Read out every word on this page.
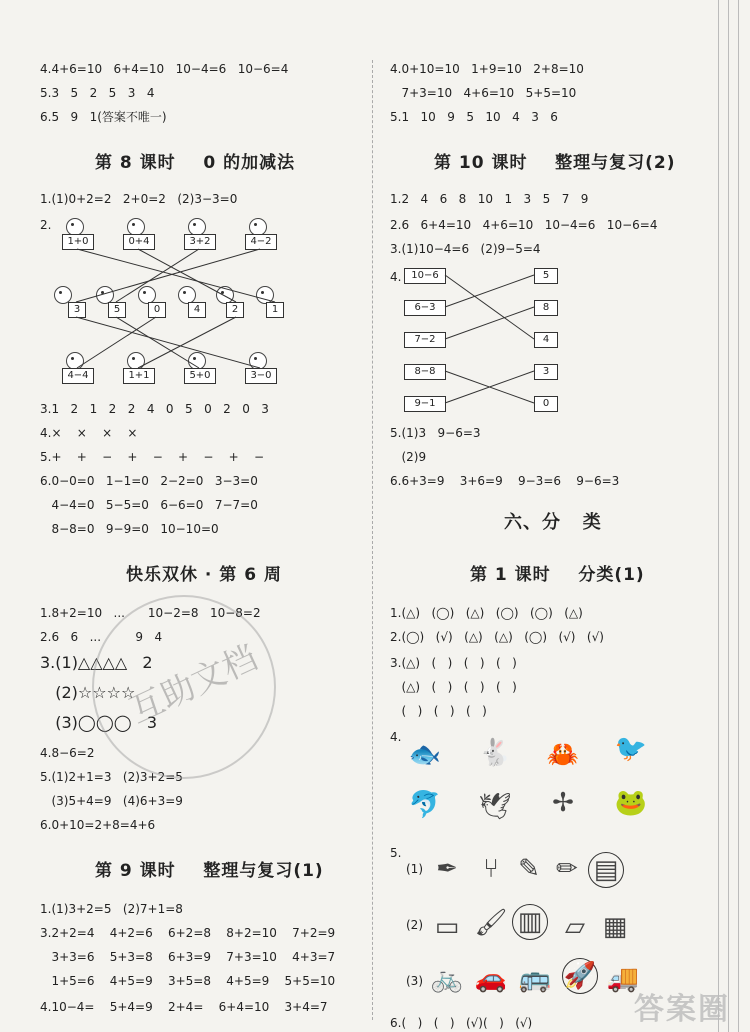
4.4+6=10   6+4=10   10−4=6   10−6=4
5.3   5   2   5   3   4
6.5   9   1(答案不唯一)
第 8 课时    0 的加减法
1.(1)0+2=2   2+0=2   (2)3−3=0
2.
1+0	0+4	3+2	4−2
3	5	0	4	2	1
4−4	1+1	5+0	3−0
3.1   2   1   2   2   4   0   5   0   2   0   3
4.×    ×    ×    ×
5.+    +    −    +    −    +    −    +    −
6.0−0=0   1−1=0   2−2=0   3−3=0
4−4=0   5−5=0   6−6=0   7−7=0
8−8=0   9−9=0   10−10=0
快乐双休 · 第 6 周
1.8+2=10   ...      10−2=8   10−8=2
2.6   6   ...         9   4
3.(1)△△△△   2
(2)☆☆☆☆
(3)◯◯◯   3
4.8−6=2
5.(1)2+1=3   (2)3+2=5
(3)5+4=9   (4)6+3=9
6.0+10=2+8=4+6
第 9 课时    整理与复习(1)
1.(1)3+2=5   (2)7+1=8
3.2+2=4    4+2=6    6+2=8    8+2=10    7+2=9
3+3=6    5+3=8    6+3=9    7+3=10    4+3=7
1+5=6    4+5=9    3+5=8    4+5=9    5+5=10
4.10−4=    5+4=9    2+4=    6+4=10    3+4=7
互助文档
4.0+10=10   1+9=10   2+8=10
7+3=10   4+6=10   5+5=10
5.1   10   9   5   10   4   3   6
第 10 课时    整理与复习(2)
1.2   4   6   8   10   1   3   5   7   9
2.6   6+4=10   4+6=10   10−4=6   10−6=4
3.(1)10−4=6   (2)9−5=4
4. 10−6
6−3
7−2
8−8
9−1
5
8
4
3
0
5.(1)3   9−6=3
(2)9
6.6+3=9    3+6=9    9−3=6    9−6=3
六、分   类
第 1 课时    分类(1)
1.(△)   (◯)   (△)   (◯)   (◯)   (△)
2.(◯)   (√)   (△)   (△)   (◯)   (√)   (√)
3.(△)   (   )   (   )   (   )
(△)   (   )   (   )   (   )
(   )   (   )   (   )
4.
🐟 🐇 🦀 🐦
🐬 🕊 ✢ 🐸
5.
(1) ✒ ⑂ ✎ ✏ ▤
(2) ▭ 🖌 ▥ ▱ ▦
(3) 🚲 🚗 🚌 🚀 🚚
6.(   )   (   )   (√)(   )   (√)	答案圈
